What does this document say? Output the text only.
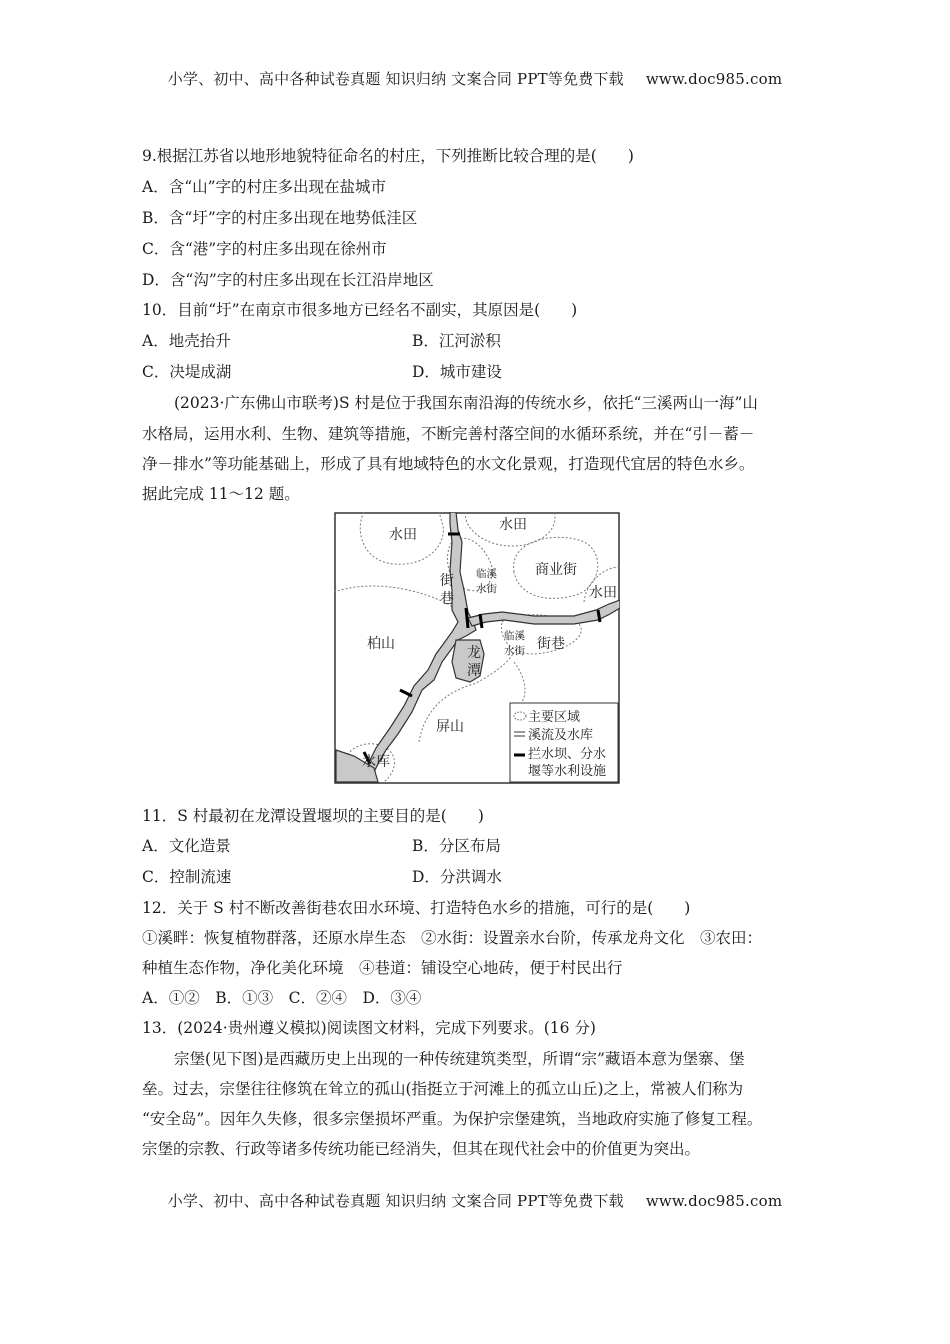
小学、初中、高中各种试卷真题 知识归纳 文案合同 PPT等免费下载 www.doc985.com
9.根据江苏省以地形地貌特征命名的村庄，下列推断比较合理的是(　　)
A．含“山”字的村庄多出现在盐城市
B．含“圩”字的村庄多出现在地势低洼区
C．含“港”字的村庄多出现在徐州市
D．含“沟”字的村庄多出现在长江沿岸地区
10．目前“圩”在南京市很多地方已经名不副实，其原因是(　　)
A．地壳抬升	B．江河淤积
C．决堤成湖	D．城市建设
(2023·广东佛山市联考)S 村是位于我国东南沿海的传统水乡，依托“三溪两山一海”山
水格局，运用水利、生物、建筑等措施，不断完善村落空间的水循环系统，并在“引－蓄－
净－排水”等功能基础上，形成了具有地域特色的水文化景观，打造现代宜居的特色水乡。
据此完成 11～12 题。
水田
水田
水田
街
巷
临溪
水街
商业街
临溪
水街 街巷
柏山
龙
潭
屏山
水库
主要区域
溪流及水库
拦水坝、分水
堰等水利设施
11．S 村最初在龙潭设置堰坝的主要目的是(　　)
A．文化造景	B．分区布局
C．控制流速	D．分洪调水
12．关于 S 村不断改善街巷农田水环境、打造特色水乡的措施，可行的是(　　)
①溪畔：恢复植物群落，还原水岸生态　②水街：设置亲水台阶，传承龙舟文化　③农田：
种植生态作物，净化美化环境　④巷道：铺设空心地砖，便于村民出行
A．①②　B．①③　C．②④　D．③④
13．(2024·贵州遵义模拟)阅读图文材料，完成下列要求。(16 分)
宗堡(见下图)是西藏历史上出现的一种传统建筑类型，所谓“宗”藏语本意为堡寨、堡
垒。过去，宗堡往往修筑在耸立的孤山(指挺立于河滩上的孤立山丘)之上，常被人们称为
“安全岛”。因年久失修，很多宗堡损坏严重。为保护宗堡建筑，当地政府实施了修复工程。
宗堡的宗教、行政等诸多传统功能已经消失，但其在现代社会中的价值更为突出。
小学、初中、高中各种试卷真题 知识归纳 文案合同 PPT等免费下载 www.doc985.com
